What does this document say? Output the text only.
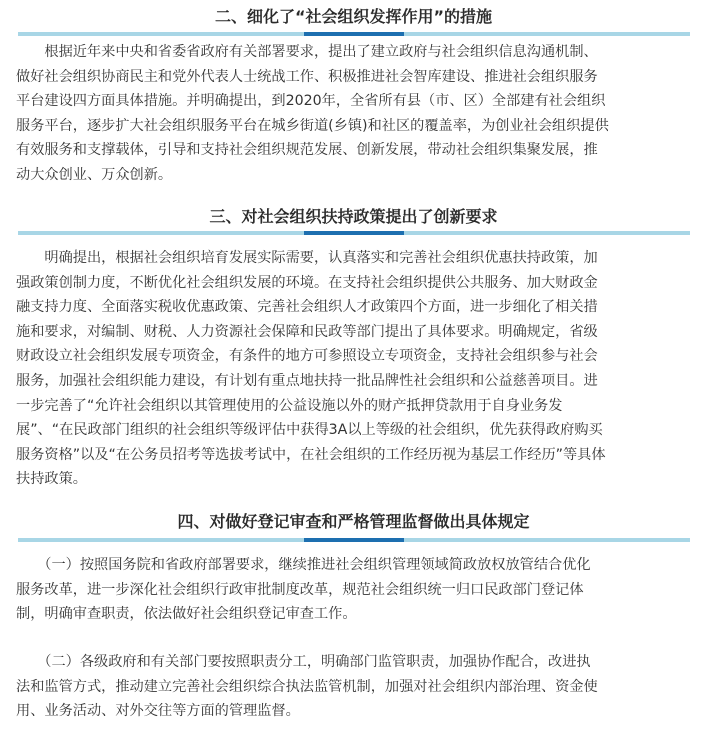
二、细化了“社会组织发挥作用”的措施
　　根据近年来中央和省委省政府有关部署要求，提出了建立政府与社会组织信息沟通机制、
做好社会组织协商民主和党外代表人士统战工作、积极推进社会智库建设、推进社会组织服务
平台建设四方面具体措施。并明确提出，到2020年，全省所有县（市、区）全部建有社会组织
服务平台，逐步扩大社会组织服务平台在城乡街道(乡镇)和社区的覆盖率，为创业社会组织提供
有效服务和支撑载体，引导和支持社会组织规范发展、创新发展，带动社会组织集聚发展，推
动大众创业、万众创新。
三、对社会组织扶持政策提出了创新要求
　　明确提出，根据社会组织培育发展实际需要，认真落实和完善社会组织优惠扶持政策，加
强政策创制力度，不断优化社会组织发展的环境。在支持社会组织提供公共服务、加大财政金
融支持力度、全面落实税收优惠政策、完善社会组织人才政策四个方面，进一步细化了相关措
施和要求，对编制、财税、人力资源社会保障和民政等部门提出了具体要求。明确规定，省级
财政设立社会组织发展专项资金，有条件的地方可参照设立专项资金，支持社会组织参与社会
服务，加强社会组织能力建设，有计划有重点地扶持一批品牌性社会组织和公益慈善项目。进
一步完善了“允许社会组织以其管理使用的公益设施以外的财产抵押贷款用于自身业务发
展”、“在民政部门组织的社会组织等级评估中获得3A以上等级的社会组织，优先获得政府购买
服务资格”以及“在公务员招考等选拔考试中，在社会组织的工作经历视为基层工作经历”等具体
扶持政策。
四、对做好登记审查和严格管理监督做出具体规定
　　（一）按照国务院和省政府部署要求，继续推进社会组织管理领域简政放权放管结合优化
服务改革，进一步深化社会组织行政审批制度改革，规范社会组织统一归口民政部门登记体
制，明确审查职责，依法做好社会组织登记审查工作。
　　（二）各级政府和有关部门要按照职责分工，明确部门监管职责，加强协作配合，改进执
法和监管方式，推动建立完善社会组织综合执法监管机制，加强对社会组织内部治理、资金使
用、业务活动、对外交往等方面的管理监督。
